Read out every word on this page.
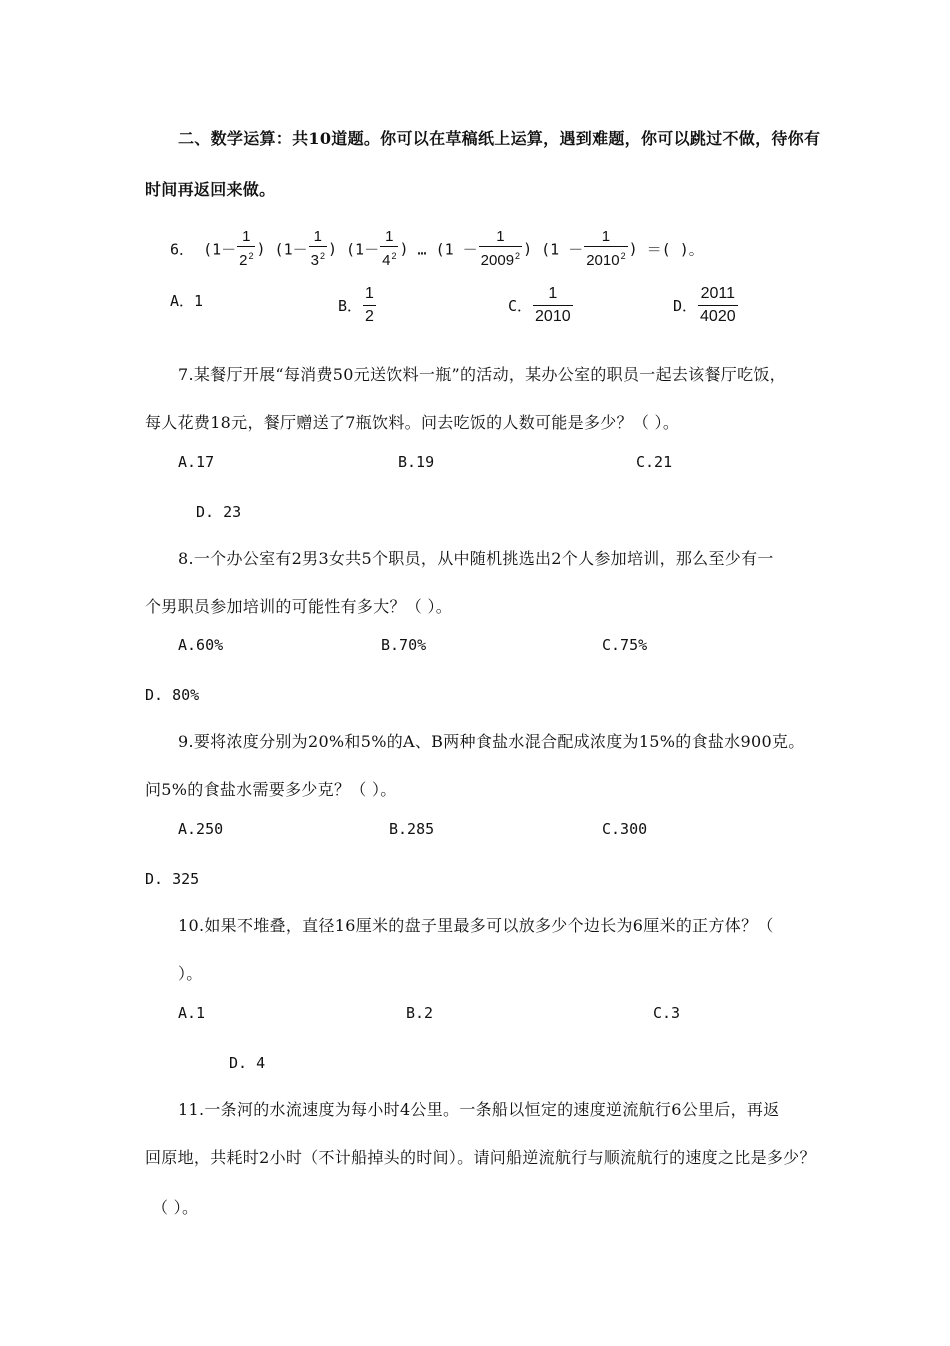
二、数学运算：共10道题。你可以在草稿纸上运算，遇到难题，你可以跳过不做，待你有
时间再返回来做。
6． ($1- \frac{1}{2^2}$ ) ($1- \frac{1}{3^2}$ ) ($1- \frac{1}{4^2}$ ) … ($1 - \frac{1}{2009^2}$ ) ($1 - \frac{1}{2010^2}$ ) ＝( )。
A．1	B． $\frac{1}{2}$	C． $\frac{1}{2010}$	D． $\frac{2011}{4020}$
7.某餐厅开展“每消费50元送饮料一瓶”的活动，某办公室的职员一起去该餐厅吃饭，
每人花费18元，餐厅赠送了7瓶饮料。问去吃饭的人数可能是多少？（ ）。
A.17	B.19	C.21
D. 23
8.一个办公室有2男3女共5个职员，从中随机挑选出2个人参加培训，那么至少有一
个男职员参加培训的可能性有多大？（ ）。
A.60%	B.70%	C.75%
D. 80%
9.要将浓度分别为20%和5%的A、B两种食盐水混合配成浓度为15%的食盐水900克。
问5%的食盐水需要多少克？（ ）。
A.250	B.285	C.300
D. 325
10.如果不堆叠，直径16厘米的盘子里最多可以放多少个边长为6厘米的正方体？（
）。
A.1	B.2	C.3
D. 4
11.一条河的水流速度为每小时4公里。一条船以恒定的速度逆流航行6公里后，再返
回原地，共耗时2小时（不计船掉头的时间）。请问船逆流航行与顺流航行的速度之比是多少？
（ ）。
